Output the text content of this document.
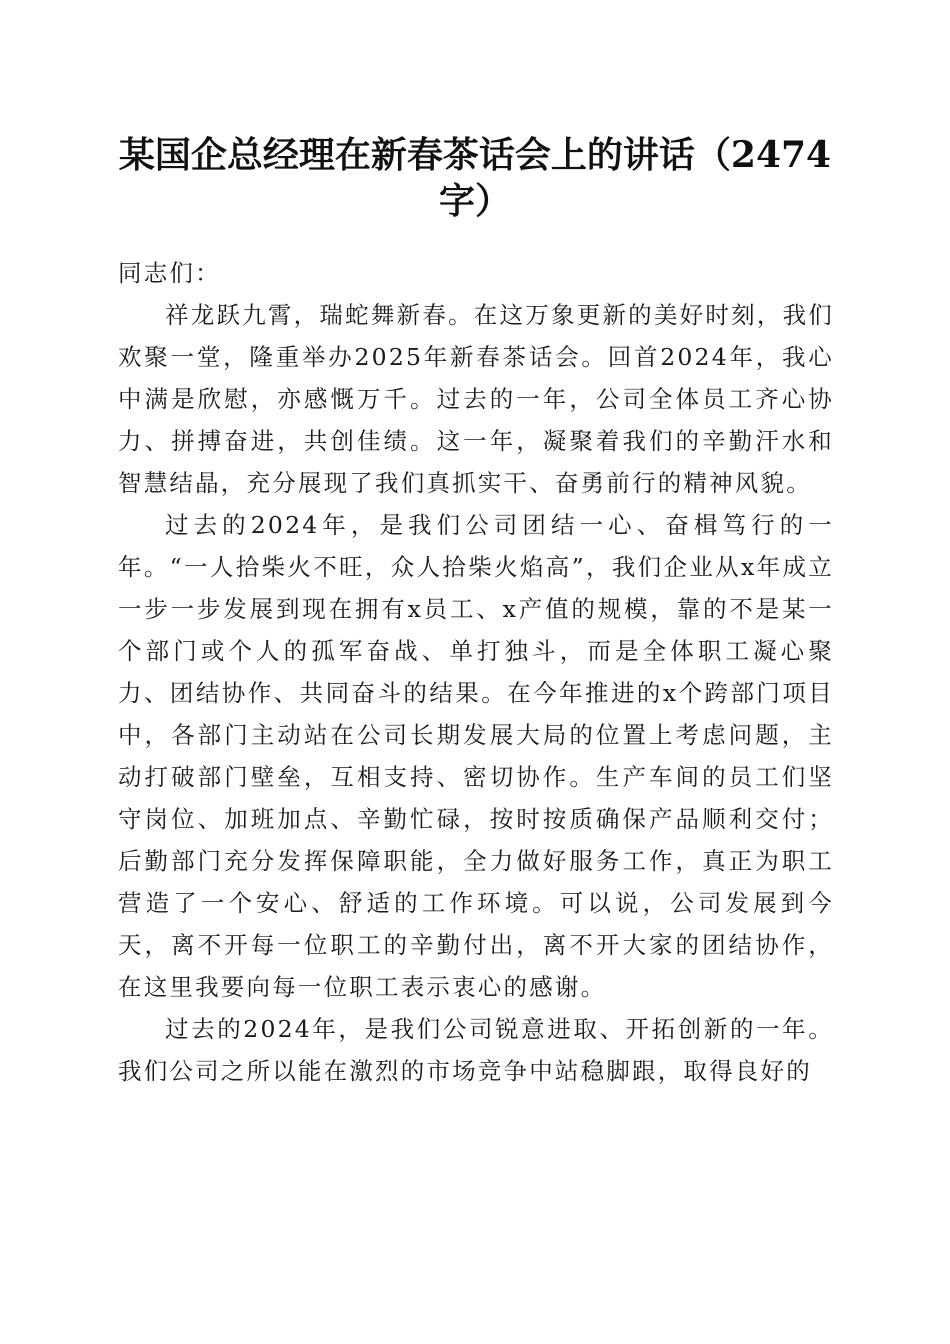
某国企总经理在新春茶话会上的讲话（2474字）

同志们：

祥龙跃九霄，瑞蛇舞新春。在这万象更新的美好时刻，我们欢聚一堂，隆重举办2025年新春茶话会。回首2024年，我心中满是欣慰，亦感慨万千。过去的一年，公司全体员工齐心协力、拼搏奋进，共创佳绩。这一年，凝聚着我们的辛勤汗水和智慧结晶，充分展现了我们真抓实干、奋勇前行的精神风貌。

过去的2024年，是我们公司团结一心、奋楫笃行的一年。“一人拾柴火不旺，众人拾柴火焰高”，我们企业从x年成立一步一步发展到现在拥有x员工、x产值的规模，靠的不是某一个部门或个人的孤军奋战、单打独斗，而是全体职工凝心聚力、团结协作、共同奋斗的结果。在今年推进的x个跨部门项目中，各部门主动站在公司长期发展大局的位置上考虑问题，主动打破部门壁垒，互相支持、密切协作。生产车间的员工们坚守岗位、加班加点、辛勤忙碌，按时按质确保产品顺利交付；后勤部门充分发挥保障职能，全力做好服务工作，真正为职工营造了一个安心、舒适的工作环境。可以说，公司发展到今天，离不开每一位职工的辛勤付出，离不开大家的团结协作，在这里我要向每一位职工表示衷心的感谢。

过去的2024年，是我们公司锐意进取、开拓创新的一年。我们公司之所以能在激烈的市场竞争中站稳脚跟，取得良好的
